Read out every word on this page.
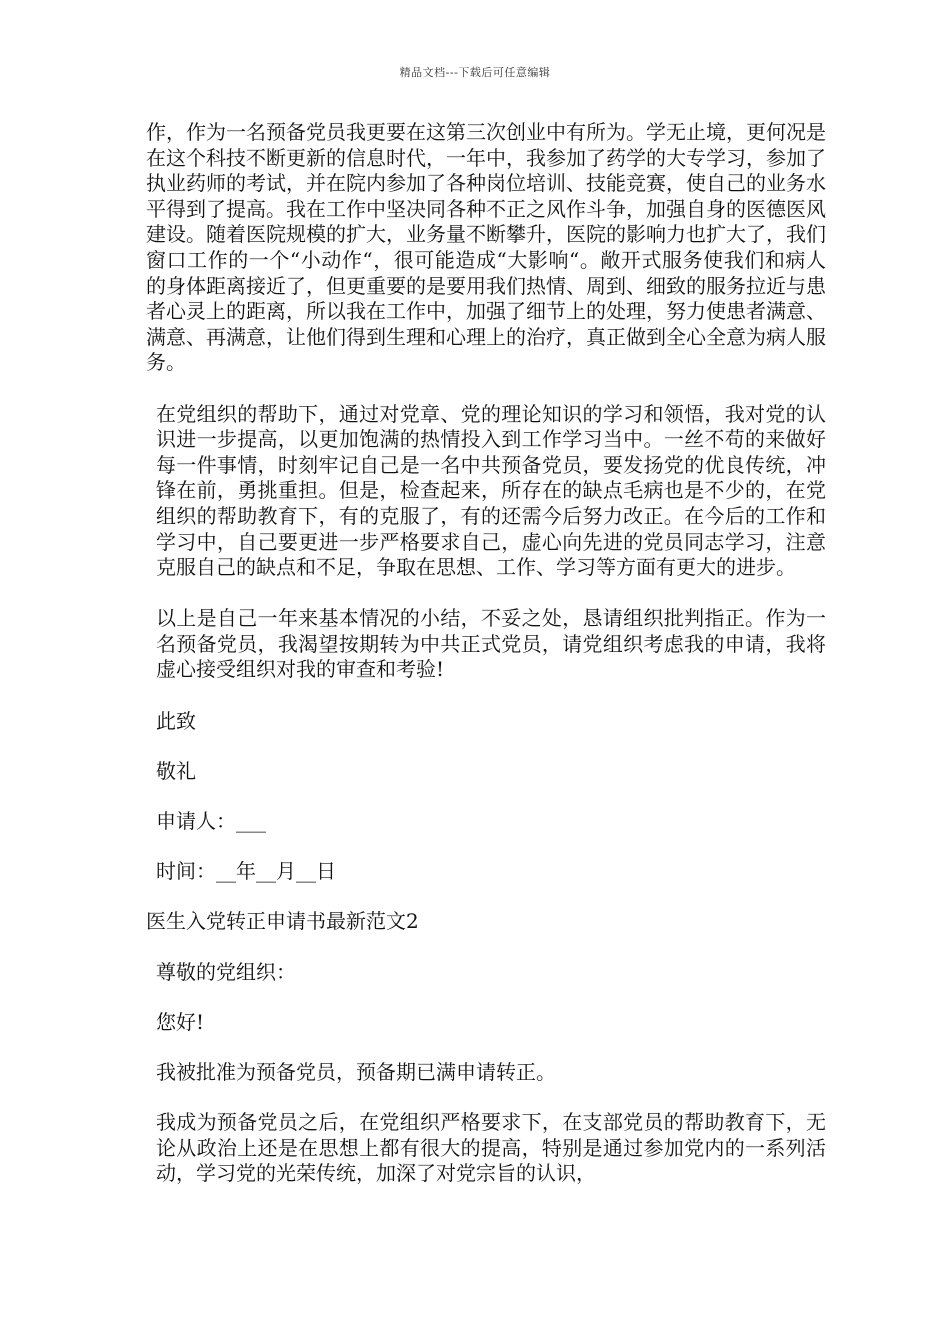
精品文档---下载后可任意编辑

作，作为一名预备党员我更要在这第三次创业中有所为。学无止境，更何况是在这个科技不断更新的信息时代，一年中，我参加了药学的大专学习，参加了执业药师的考试，并在院内参加了各种岗位培训、技能竞赛，使自己的业务水平得到了提高。我在工作中坚决同各种不正之风作斗争，加强自身的医德医风建设。随着医院规模的扩大，业务量不断攀升，医院的影响力也扩大了，我们窗口工作的一个“小动作“，很可能造成“大影响“。敞开式服务使我们和病人的身体距离接近了，但更重要的是要用我们热情、周到、细致的服务拉近与患者心灵上的距离，所以我在工作中，加强了细节上的处理，努力使患者满意、满意、再满意，让他们得到生理和心理上的治疗，真正做到全心全意为病人服务。

在党组织的帮助下，通过对党章、党的理论知识的学习和领悟，我对党的认识进一步提高，以更加饱满的热情投入到工作学习当中。一丝不苟的来做好每一件事情，时刻牢记自己是一名中共预备党员，要发扬党的优良传统，冲锋在前，勇挑重担。但是，检查起来，所存在的缺点毛病也是不少的，在党组织的帮助教育下，有的克服了，有的还需今后努力改正。在今后的工作和学习中，自己要更进一步严格要求自己，虚心向先进的党员同志学习，注意克服自己的缺点和不足，争取在思想、工作、学习等方面有更大的进步。

以上是自己一年来基本情况的小结，不妥之处，恳请组织批判指正。作为一名预备党员，我渴望按期转为中共正式党员，请党组织考虑我的申请，我将虚心接受组织对我的审查和考验!

此致

敬礼

申请人：___

时间：__年__月__日

医生入党转正申请书最新范文2

尊敬的党组织：

您好!

我被批准为预备党员，预备期已满申请转正。

我成为预备党员之后，在党组织严格要求下，在支部党员的帮助教育下，无论从政治上还是在思想上都有很大的提高，特别是通过参加党内的一系列活动，学习党的光荣传统，加深了对党宗旨的认识，
